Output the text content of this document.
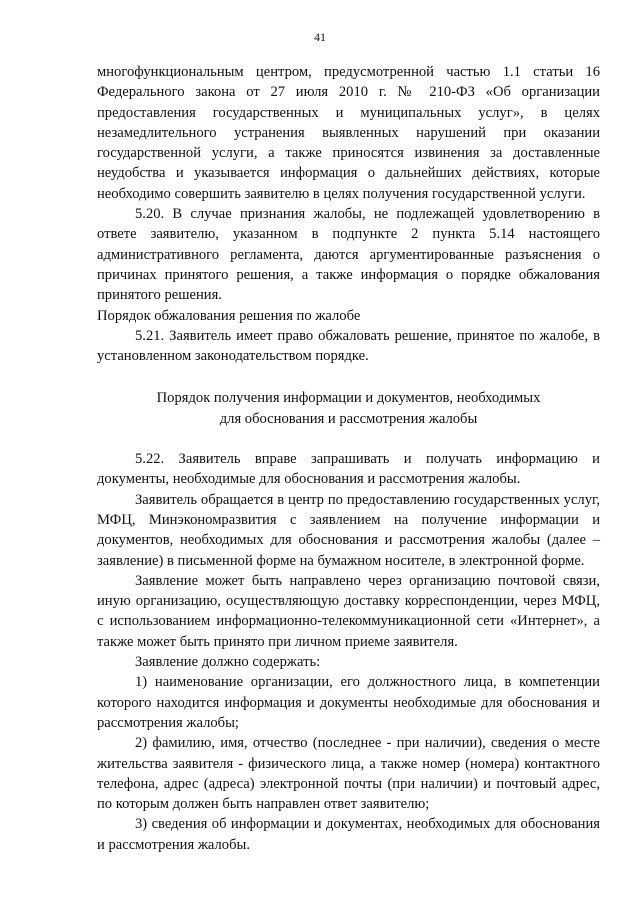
41

многофункциональным центром, предусмотренной частью 1.1 статьи 16 Федерального закона от 27 июля 2010 г. № 210-ФЗ «Об организации предоставления государственных и муниципальных услуг», в целях незамедлительного устранения выявленных нарушений при оказании государственной услуги, а также приносятся извинения за доставленные неудобства и указывается информация о дальнейших действиях, которые необходимо совершить заявителю в целях получения государственной услуги.

5.20. В случае признания жалобы, не подлежащей удовлетворению в ответе заявителю, указанном в подпункте 2 пункта 5.14 настоящего административного регламента, даются аргументированные разъяснения о причинах принятого решения, а также информация о порядке обжалования принятого решения.

Порядок обжалования решения по жалобе

5.21. Заявитель имеет право обжаловать решение, принятое по жалобе, в установленном законодательством порядке.

Порядок получения информации и документов, необходимых
для обоснования и рассмотрения жалобы

5.22. Заявитель вправе запрашивать и получать информацию и документы, необходимые для обоснования и рассмотрения жалобы.

Заявитель обращается в центр по предоставлению государственных услуг, МФЦ, Минэкономразвития с заявлением на получение информации и документов, необходимых для обоснования и рассмотрения жалобы (далее – заявление) в письменной форме на бумажном носителе, в электронной форме.

Заявление может быть направлено через организацию почтовой связи, иную организацию, осуществляющую доставку корреспонденции, через МФЦ, с использованием информационно-телекоммуникационной сети «Интернет», а также может быть принято при личном приеме заявителя.

Заявление должно содержать:

1) наименование организации, его должностного лица, в компетенции которого находится информация и документы необходимые для обоснования и рассмотрения жалобы;

2) фамилию, имя, отчество (последнее - при наличии), сведения о месте жительства заявителя - физического лица, а также номер (номера) контактного телефона, адрес (адреса) электронной почты (при наличии) и почтовый адрес, по которым должен быть направлен ответ заявителю;

3) сведения об информации и документах, необходимых для обоснования и рассмотрения жалобы.
